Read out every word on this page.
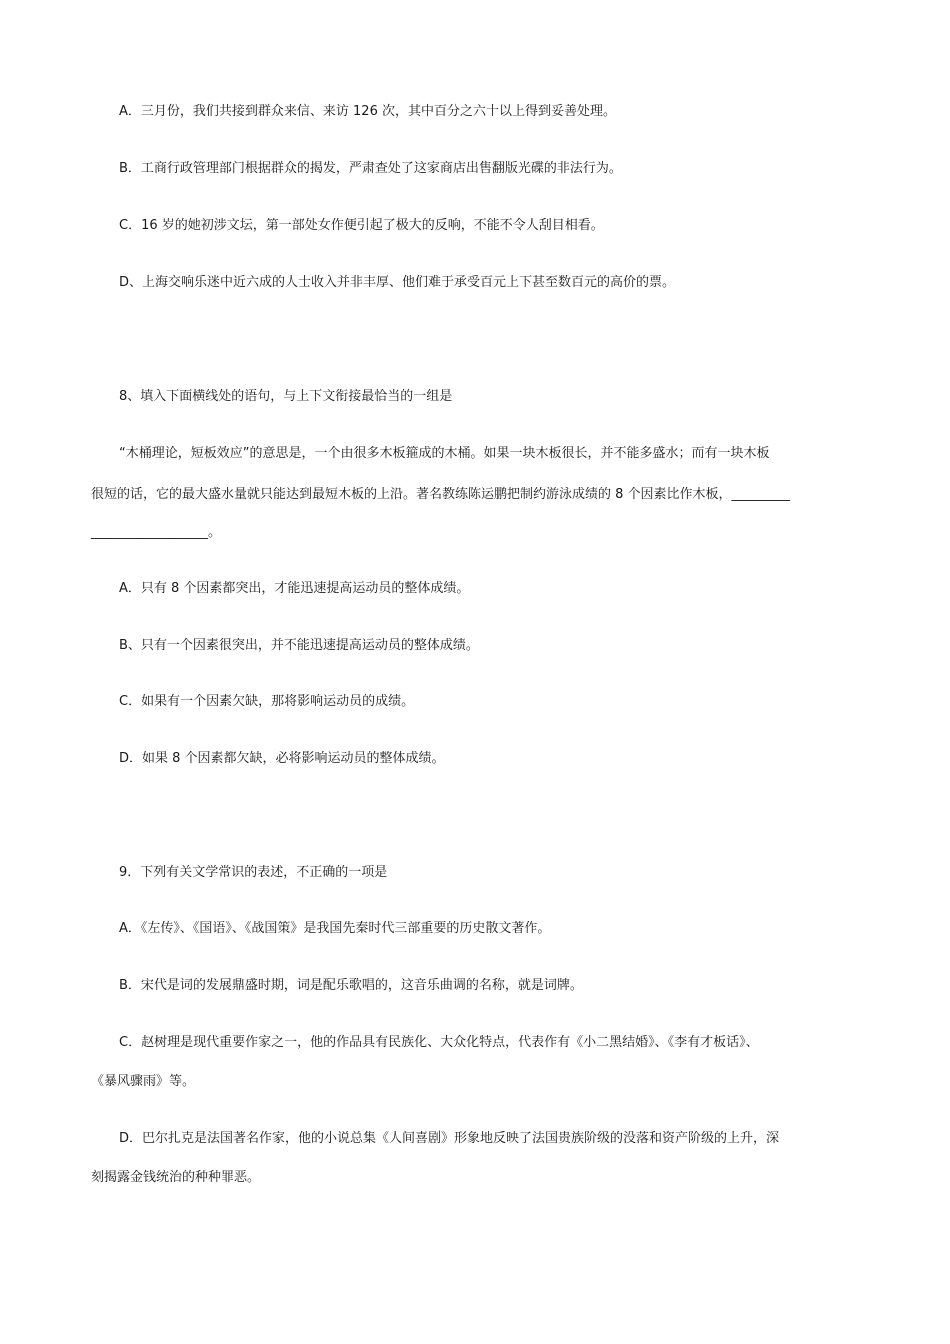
A．三月份，我们共接到群众来信、来访 126 次，其中百分之六十以上得到妥善处理。

B．工商行政管理部门根据群众的揭发，严肃查处了这家商店出售翻版光碟的非法行为。

C．16 岁的她初涉文坛，第一部处女作便引起了极大的反响，不能不令人刮目相看。

D、上海交响乐迷中近六成的人士收入并非丰厚、他们难于承受百元上下甚至数百元的高价的票。

8、填入下面横线处的语句，与上下文衔接最恰当的一组是

“木桶理论，短板效应”的意思是，一个由很多木板箍成的木桶。如果一块木板很长，并不能多盛水；而有一块木板

很短的话，它的最大盛水量就只能达到最短木板的上沿。著名教练陈运鹏把制约游泳成绩的 8 个因素比作木板，_________

__________________。

A．只有 8 个因素都突出，才能迅速提高运动员的整体成绩。

B、只有一个因素很突出，并不能迅速提高运动员的整体成绩。

C．如果有一个因素欠缺，那将影响运动员的成绩。

D．如果 8 个因素都欠缺，必将影响运动员的整体成绩。

9．下列有关文学常识的表述，不正确的一项是

A．《左传》、《国语》、《战国策》是我国先秦时代三部重要的历史散文著作。

B．宋代是词的发展鼎盛时期，词是配乐歌唱的，这音乐曲调的名称，就是词牌。

C．赵树理是现代重要作家之一，他的作品具有民族化、大众化特点，代表作有《小二黑结婚》、《李有才板话》、

《暴风骤雨》等。

D．巴尔扎克是法国著名作家，他的小说总集《人间喜剧》形象地反映了法国贵族阶级的没落和资产阶级的上升，深

刻揭露金钱统治的种种罪恶。
